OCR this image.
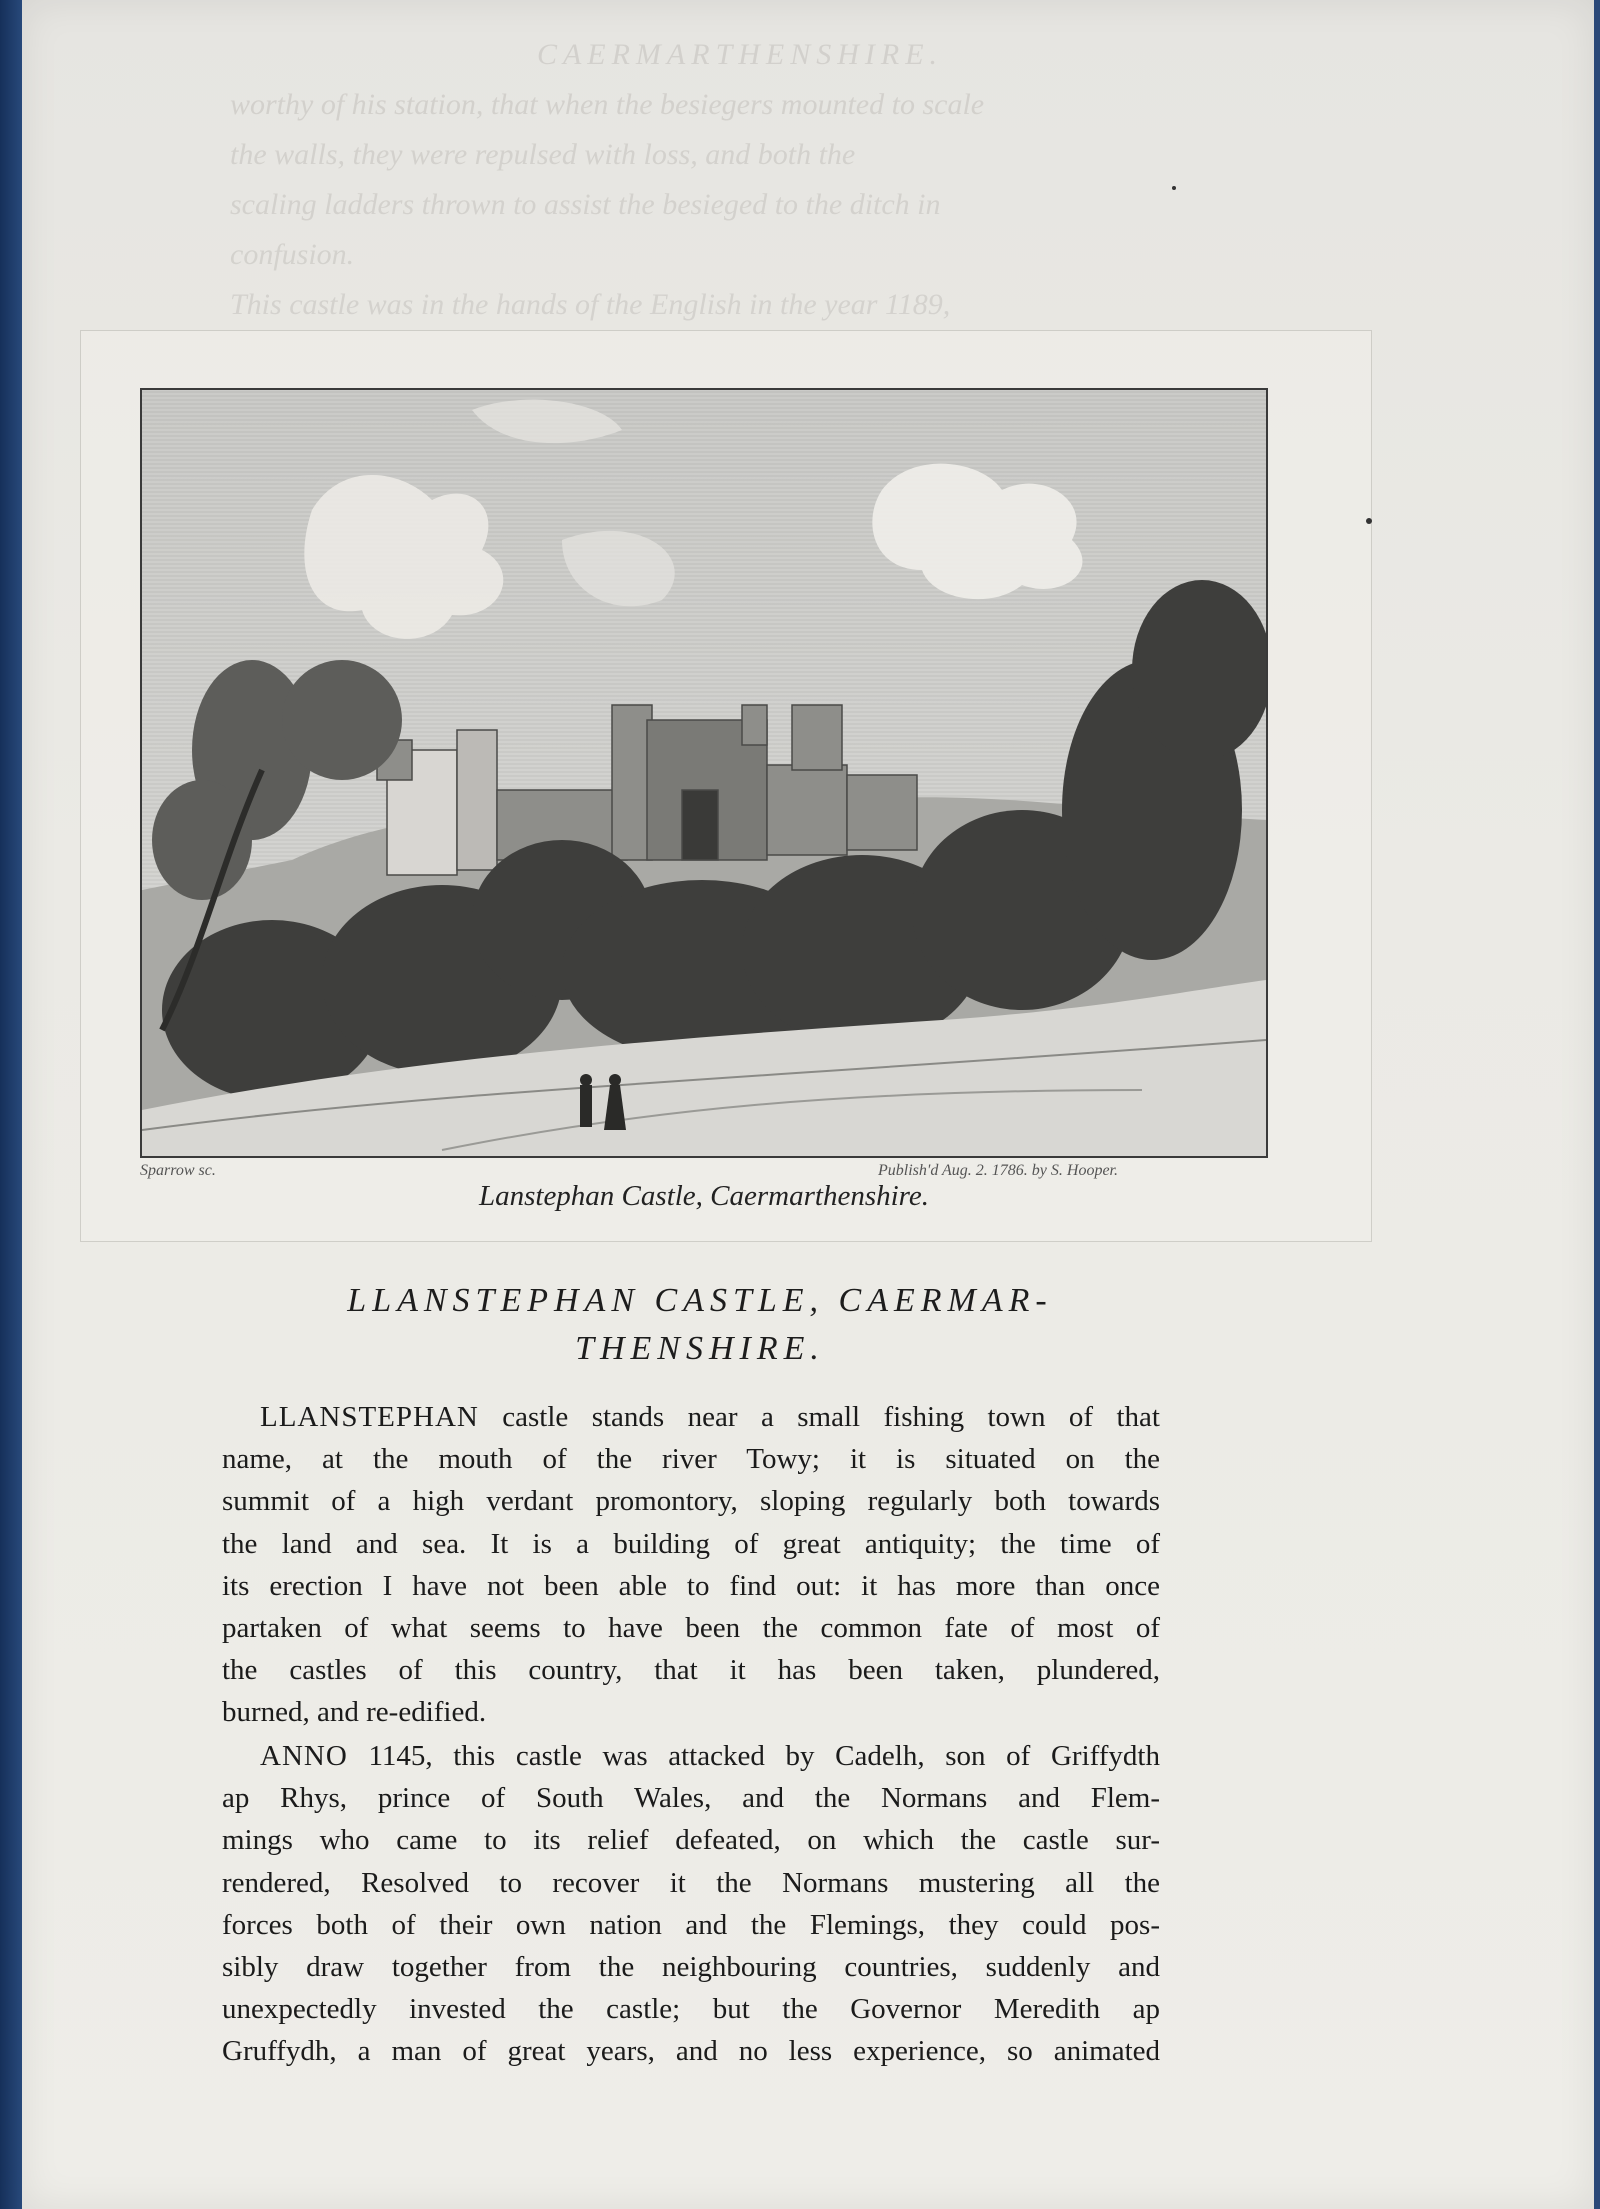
CAERMARTHENSHIRE.
worthy of his station, that when the besiegers mounted to scale
the walls, they were repulsed with loss, and both the
scaling ladders thrown to assist the besieged to the ditch in
confusion.
This castle was in the hands of the English in the year 1189,
Sparrow sc.	Publish'd Aug. 2. 1786. by S. Hooper.
Lanstephan Castle, Caermarthenshire.
LLANSTEPHAN CASTLE, CAERMAR-
THENSHIRE.
LLANSTEPHAN castle stands near a small fishing town of that
name, at the mouth of the river Towy; it is situated on the
summit of a high verdant promontory, sloping regularly both towards
the land and sea. It is a building of great antiquity; the time of
its erection I have not been able to find out: it has more than once
partaken of what seems to have been the common fate of most of
the castles of this country, that it has been taken, plundered,
burned, and re-edified.
ANNO 1145, this castle was attacked by Cadelh, son of Griffydth
ap Rhys, prince of South Wales, and the Normans and Flem-
mings who came to its relief defeated, on which the castle sur-
rendered, Resolved to recover it the Normans mustering all the
forces both of their own nation and the Flemings, they could pos-
sibly draw together from the neighbouring countries, suddenly and
unexpectedly invested the castle; but the Governor Meredith ap
Gruffydh, a man of great years, and no less experience, so animated
